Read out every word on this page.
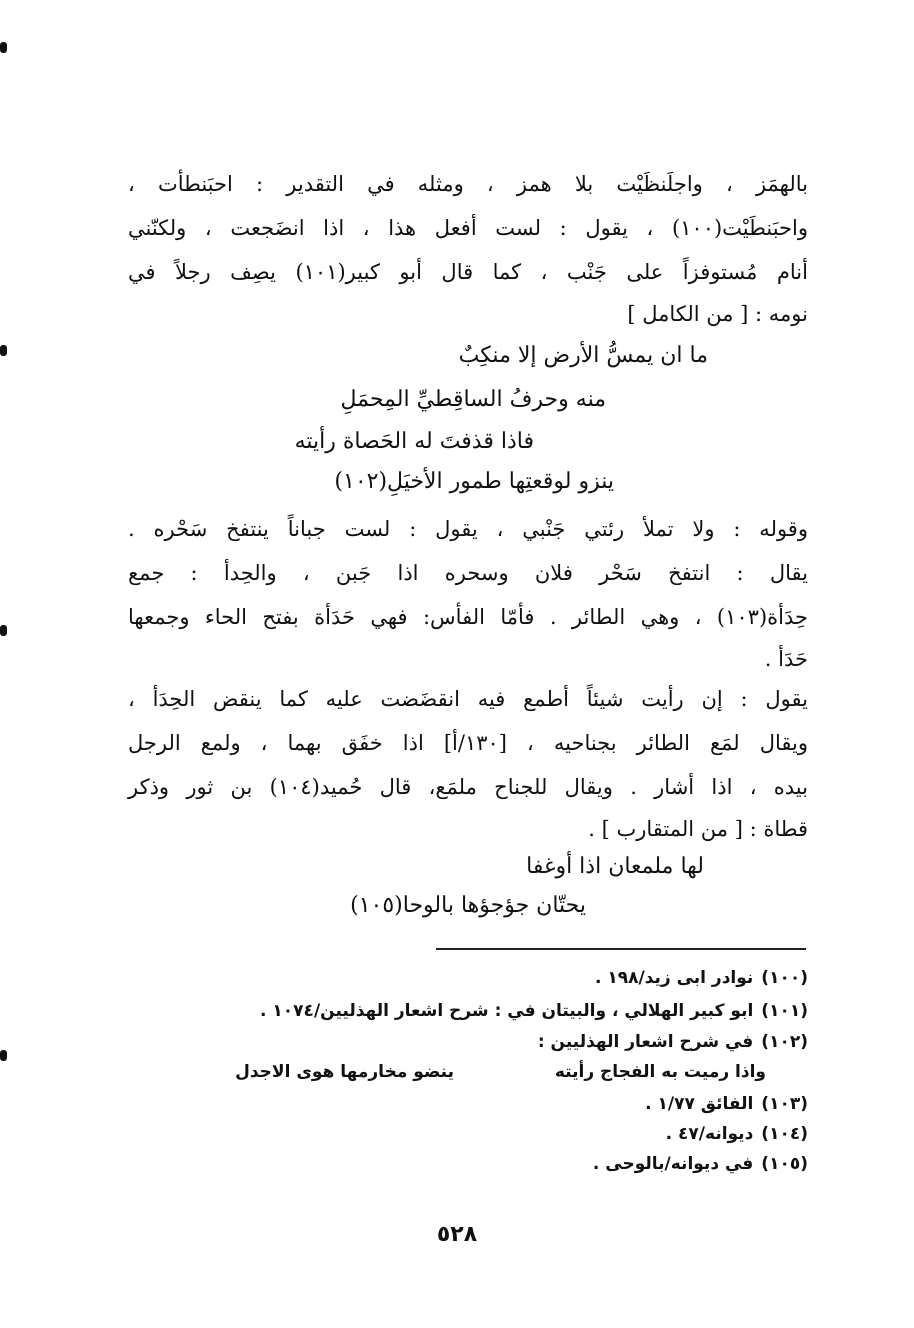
بالهمَز ، واجلَنظَيْت بلا همز ، ومثله في التقدير : احبَنطأت ،
واحبَنطَيْت(١٠٠) ، يقول : لست أفعل هذا ، اذا انضَجعت ، ولكنّني
أنام مُستوفزاً على جَنْب ، كما قال أبو كبير(١٠١) يصِف رجلاً في
نومه : [ من الكامل ]
ما ان يمسُّ الأرض إلا منكِبٌ
منه وحرفُ الساقِطيِّ المِحمَلِ
فاذا قذفتَ له الحَصاة رأيته
ينزو لوقعتِها طمور الأخيَلِ(١٠٢)
وقوله : ولا تملأ رئتي جَنْبي ، يقول : لست جباناً ينتفخ سَحْره .
يقال : انتفخ سَحْر فلان وسحره اذا جَبن ، والحِدأ : جمع
حِدَأة(١٠٣) ، وهي الطائر . فأمّا الفأس: فهي حَدَأة بفتح الحاء وجمعها
حَدَأ .
يقول : إن رأيت شيئاً أطمع فيه انقضَضت عليه كما ينقض الحِدَأ ،
ويقال لمَع الطائر بجناحيه ، [١٣٠/أ] اذا خفَق بهما ، ولمع الرجل
بيده ، اذا أشار . ويقال للجناح ملمَع، قال حُميد(١٠٤) بن ثور وذكر
قطاة : [ من المتقارب ] .
لها ملمعان اذا أوغفا
يحتّان جؤجؤها بالوحا(١٠٥)
(١٠٠)نوادر ابى زيد/١٩٨ .
(١٠١)ابو كبير الهلالي ، والبيتان في : شرح اشعار الهذليين/١٠٧٤ .
(١٠٢)في شرح اشعار الهذليين :
واذا رميت به الفجاج رأيته
ينضو مخارمها هوى الاجدل
(١٠٣)الفائق ١/٧٧ .
(١٠٤)ديوانه/٤٧ .
(١٠٥)في ديوانه/بالوحى .
٥٢٨
